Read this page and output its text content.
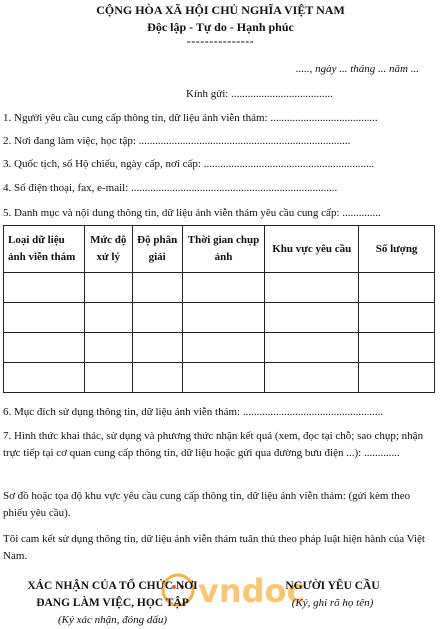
CỘNG HÒA XÃ HỘI CHỦ NGHĨA VIỆT NAM
Độc lập - Tự do - Hạnh phúc
---------------
....., ngày ... tháng ... năm ...
Kính gửi: .....................................
1. Người yêu cầu cung cấp thông tin, dữ liệu ảnh viễn thám: .......................................
2. Nơi đang làm việc, học tập: .............................................................................
3. Quốc tịch, số Hộ chiếu, ngày cấp, nơi cấp: ..............................................................
4. Số điện thoại, fax, e-mail: ...........................................................................
5. Danh mục và nội dung thông tin, dữ liệu ảnh viễn thám yêu cầu cung cấp: ..............
Loại dữ liệu ảnh viễn thám	Mức độ xử lý	Độ phân giải	Thời gian chụp ảnh	Khu vực yêu cầu	Số lượng

6. Mục đích sử dụng thông tin, dữ liệu ảnh viễn thám: ...................................................
7. Hình thức khai thác, sử dụng và phương thức nhận kết quả (xem, đọc tại chỗ; sao chụp; nhận trực tiếp tại cơ quan cung cấp thông tin, dữ liệu hoặc gửi qua đường bưu điện ...): .............
Sơ đồ hoặc tọa độ khu vực yêu cầu cung cấp thông tin, dữ liệu ảnh viễn thám: (gửi kèm theo phiếu yêu cầu).
Tôi cam kết sử dụng thông tin, dữ liệu ảnh viễn thám tuân thủ theo pháp luật hiện hành của Việt Nam.
vndoc
XÁC NHẬN CỦA TỔ CHỨC NƠI
ĐANG LÀM VIỆC, HỌC TẬP
(Ký xác nhận, đóng dấu)
NGƯỜI YÊU CẦU
(Ký, ghi rõ họ tên)
